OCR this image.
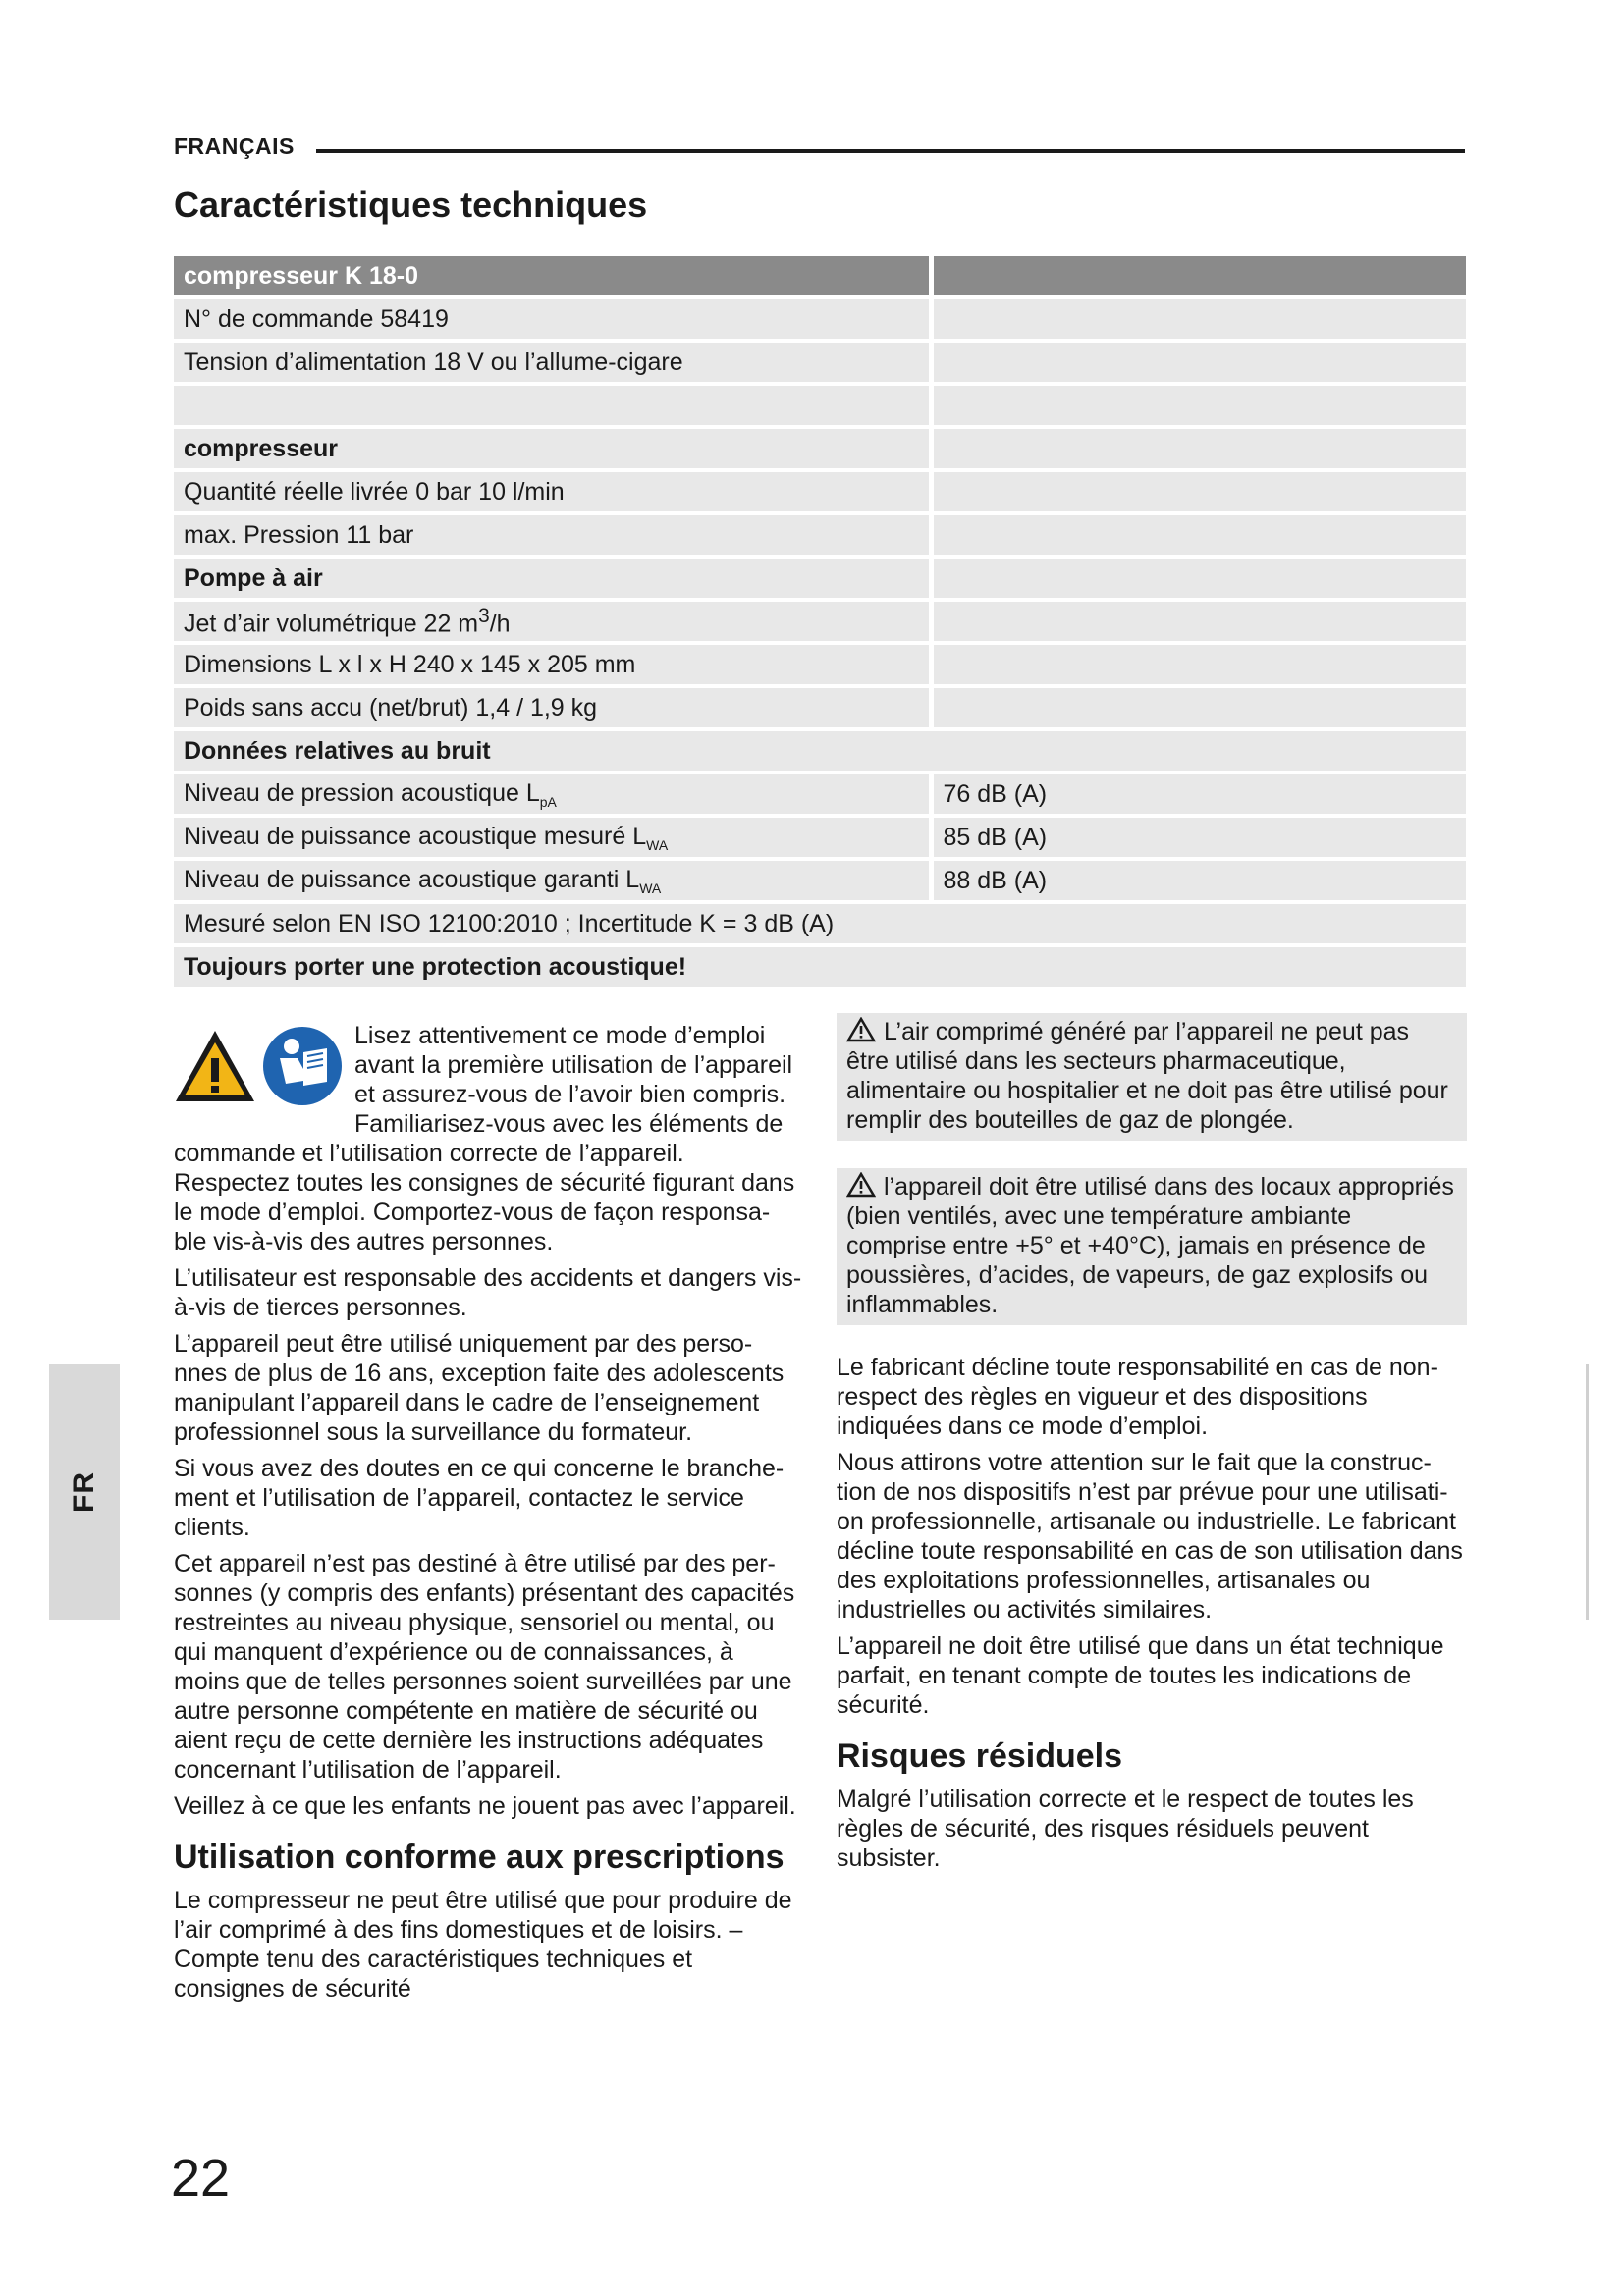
FRANÇAIS
Caractéristiques techniques
compresseur K 18-0	
N° de commande 58419	
Tension d’alimentation 18 V ou l’allume-cigare	

compresseur	
Quantité réelle livrée 0 bar 10 l/min	
max. Pression 11 bar	
Pompe à air	
Jet d’air volumétrique 22 $m^3/h$	
Dimensions L x l x H 240 x 145 x 205 mm	
Poids sans accu (net/brut) 1,4 / 1,9 kg	
Données relatives au bruit	
Niveau de pression acoustique $L_{pA}$	76 dB (A)
Niveau de puissance acoustique mesuré $L_{WA}$	85 dB (A)
Niveau de puissance acoustique garanti $L_{WA}$	88 dB (A)
Mesuré selon EN ISO 12100:2010 ; Incertitude K = 3 dB (A)	
Toujours porter une protection acoustique!	

Lisez attentivement ce mode d’emploi avant la première utilisation de l’appareil et assurez-vous de l’avoir bien compris. Familiarisez-vous avec les éléments de commande et l’utilisation correcte de l’appareil. Respectez toutes les consignes de sécurité figurant dans le mode d’emploi. Comportez-vous de façon responsa-ble vis-à-vis des autres personnes.

L’utilisateur est responsable des accidents et dangers vis-à-vis de tierces personnes.

L’appareil peut être utilisé uniquement par des perso-nnes de plus de 16 ans, exception faite des adolescents manipulant l’appareil dans le cadre de l’enseignement professionnel sous la surveillance du formateur.

Si vous avez des doutes en ce qui concerne le branche-ment et l’utilisation de l’appareil, contactez le service clients.

Cet appareil n’est pas destiné à être utilisé par des per-sonnes (y compris des enfants) présentant des capacités restreintes au niveau physique, sensoriel ou mental, ou qui manquent d’expérience ou de connaissances, à moins que de telles personnes soient surveillées par une autre personne compétente en matière de sécurité ou aient reçu de cette dernière les instructions adéquates concernant l’utilisation de l’appareil.

Veillez à ce que les enfants ne jouent pas avec l’appareil.

Utilisation conforme aux prescriptions

Le compresseur ne peut être utilisé que pour produire de l’air comprimé à des fins domestiques et de loisirs. – Compte tenu des caractéristiques techniques et consignes de sécurité

L’air comprimé généré par l’appareil ne peut pas être utilisé dans les secteurs pharmaceutique, alimentaire ou hospitalier et ne doit pas être utilisé pour remplir des bouteilles de gaz de plongée.
l’appareil doit être utilisé dans des locaux appropriés (bien ventilés, avec une température ambiante comprise entre +5° et +40°C), jamais en présence de poussières, d’acides, de vapeurs, de gaz explosifs ou inflammables.

Le fabricant décline toute responsabilité en cas de non-respect des règles en vigueur et des dispositions indiquées dans ce mode d’emploi.

Nous attirons votre attention sur le fait que la construc-tion de nos dispositifs n’est par prévue pour une utilisati-on professionnelle, artisanale ou industrielle. Le fabricant décline toute responsabilité en cas de son utilisation dans des exploitations professionnelles, artisanales ou industrielles ou activités similaires.

L’appareil ne doit être utilisé que dans un état technique parfait, en tenant compte de toutes les indications de sécurité.

Risques résiduels

Malgré l’utilisation correcte et le respect de toutes les règles de sécurité, des risques résiduels peuvent subsister.

FR
22
